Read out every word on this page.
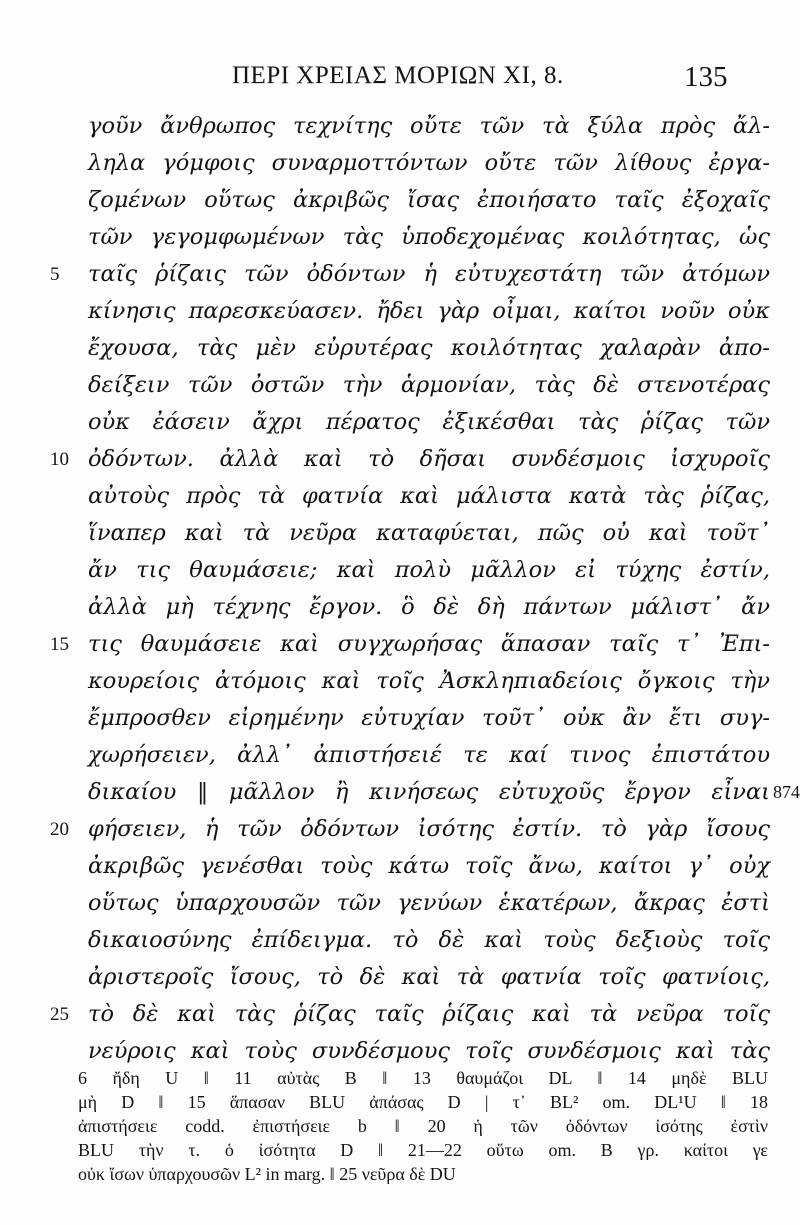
ΠΕΡΙ ΧΡΕΙΑΣ ΜΟΡΙΩΝ XI, 8.	135
γοῦν ἄνθρωπος τεχνίτης οὔτε τῶν τὰ ξύλα πρὸς ἄλ-
ληλα γόμφοις συναρμοττόντων οὔτε τῶν λίθους ἐργα-
ζομένων οὕτως ἀκριβῶς ἴσας ἐποιήσατο ταῖς ἐξοχαῖς
τῶν γεγομφωμένων τὰς ὑποδεχομένας κοιλότητας, ὡς
5	ταῖς ῥίζαις τῶν ὀδόντων ἡ εὐτυχεστάτη τῶν ἀτόμων
κίνησις παρεσκεύασεν. ἤδει γὰρ οἶμαι, καίτοι νοῦν οὐκ
ἔχουσα, τὰς μὲν εὐρυτέρας κοιλότητας χαλαρὰν ἀπο-
δείξειν τῶν ὀστῶν τὴν ἁρμονίαν, τὰς δὲ στενοτέρας
οὐκ ἐάσειν ἄχρι πέρατος ἐξικέσθαι τὰς ῥίζας τῶν
10 ὀδόντων. ἀλλὰ καὶ τὸ δῆσαι συνδέσμοις ἰσχυροῖς
αὐτοὺς πρὸς τὰ φατνία καὶ μάλιστα κατὰ τὰς ῥίζας,
ἵναπερ καὶ τὰ νεῦρα καταφύεται, πῶς οὐ καὶ τοῦτ᾽
ἄν τις θαυμάσειε; καὶ πολὺ μᾶλλον εἰ τύχης ἐστίν,
ἀλλὰ μὴ τέχνης ἔργον. ὃ δὲ δὴ πάντων μάλιστ᾽ ἄν
15 τις θαυμάσειε καὶ συγχωρήσας ἅπασαν ταῖς τ᾽ Ἐπι-
κουρείοις ἀτόμοις καὶ τοῖς Ἀσκληπιαδείοις ὄγκοις τὴν
ἔμπροσθεν εἰρημένην εὐτυχίαν τοῦτ᾽ οὐκ ἂν ἔτι συγ-
χωρήσειεν, ἀλλ᾽ ἀπιστήσειέ τε καί τινος ἐπιστάτου
δικαίου ‖ μᾶλλον ἢ κινήσεως εὐτυχοῦς ἔργον εἶναι 874
20 φήσειεν, ἡ τῶν ὀδόντων ἰσότης ἐστίν. τὸ γὰρ ἴσους
ἀκριβῶς γενέσθαι τοὺς κάτω τοῖς ἄνω, καίτοι γ᾽ οὐχ
οὕτως ὑπαρχουσῶν τῶν γενύων ἑκατέρων, ἄκρας ἐστὶ
δικαιοσύνης ἐπίδειγμα. τὸ δὲ καὶ τοὺς δεξιοὺς τοῖς
ἀριστεροῖς ἴσους, τὸ δὲ καὶ τὰ φατνία τοῖς φατνίοις,
25 τὸ δὲ καὶ τὰς ῥίζας ταῖς ῥίζαις καὶ τὰ νεῦρα τοῖς
νεύροις καὶ τοὺς συνδέσμους τοῖς συνδέσμοις καὶ τὰς
6 ἤδη U ‖ 11 αὐτὰς B ‖ 13 θαυμάζοι DL ‖ 14 μηδὲ BLU
μὴ D ‖ 15 ἅπασαν BLU ἀπάσας D | τ᾽ BL² om. DL¹U ‖ 18
ἀπιστήσειε codd. ἐπιστήσειε b ‖ 20 ἡ τῶν ὀδόντων ἰσότης ἐστὶν
BLU τὴν τ. ὁ ἰσότητα D ‖ 21—22 οὕτω om. B γρ. καίτοι γε
οὐκ ἴσων ὑπαρχουσῶν L² in marg. ‖ 25 νεῦρα δὲ DU
